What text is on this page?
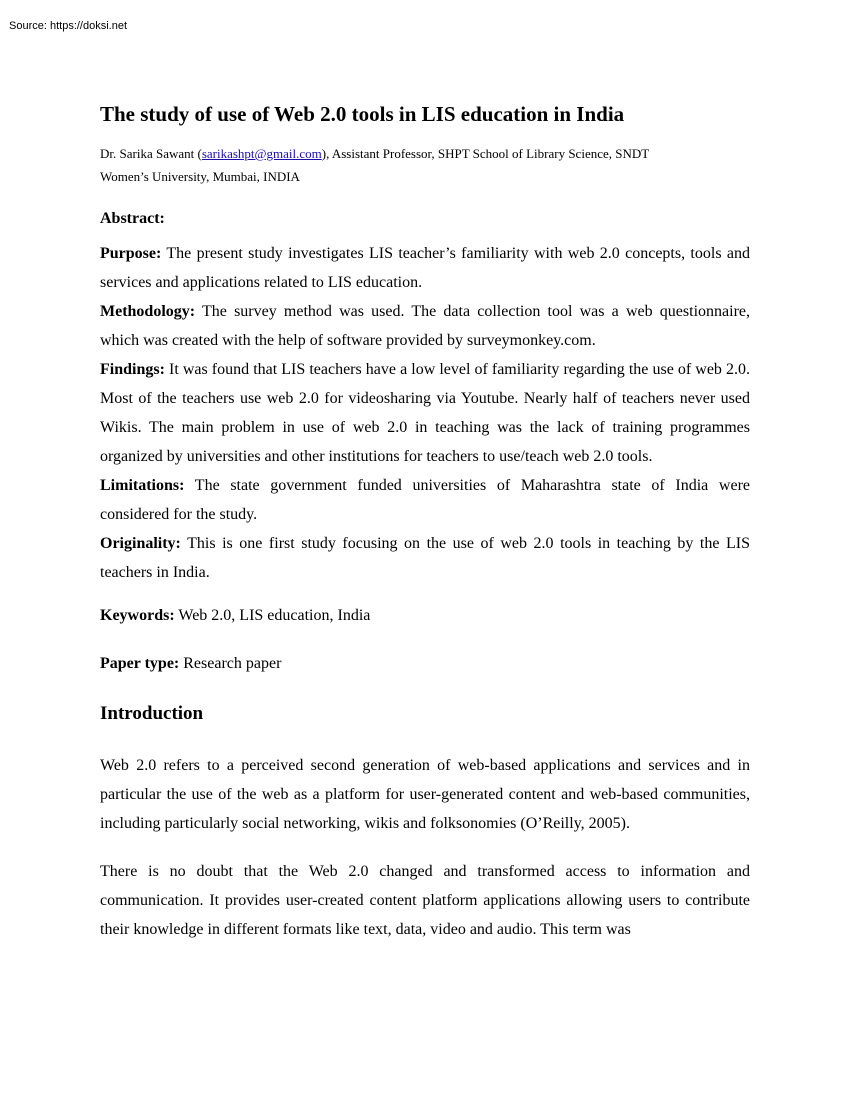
Source: https://doksi.net
The study of use of Web 2.0 tools in LIS education in India
Dr. Sarika Sawant (sarikashpt@gmail.com), Assistant Professor, SHPT School of Library Science, SNDT
Women’s University, Mumbai, INDIA
Abstract:

Purpose: The present study investigates LIS teacher’s familiarity with web 2.0 concepts, tools and services and applications related to LIS education.

Methodology: The survey method was used. The data collection tool was a web questionnaire, which was created with the help of software provided by surveymonkey.com.

Findings: It was found that LIS teachers have a low level of familiarity regarding the use of web 2.0. Most of the teachers use web 2.0 for videosharing via Youtube. Nearly half of teachers never used Wikis. The main problem in use of web 2.0 in teaching was the lack of training programmes organized by universities and other institutions for teachers to use/teach web 2.0 tools.

Limitations: The state government funded universities of Maharashtra state of India were considered for the study.

Originality: This is one first study focusing on the use of web 2.0 tools in teaching by the LIS teachers in India.

Keywords: Web 2.0, LIS education, India

Paper type: Research paper

Introduction

Web 2.0 refers to a perceived second generation of web-based applications and services and in particular the use of the web as a platform for user-generated content and web-based communities, including particularly social networking, wikis and folksonomies (O’Reilly, 2005).

There is no doubt that the Web 2.0 changed and transformed access to information and communication. It provides user-created content platform applications allowing users to contribute their knowledge in different formats like text, data, video and audio. This term was
